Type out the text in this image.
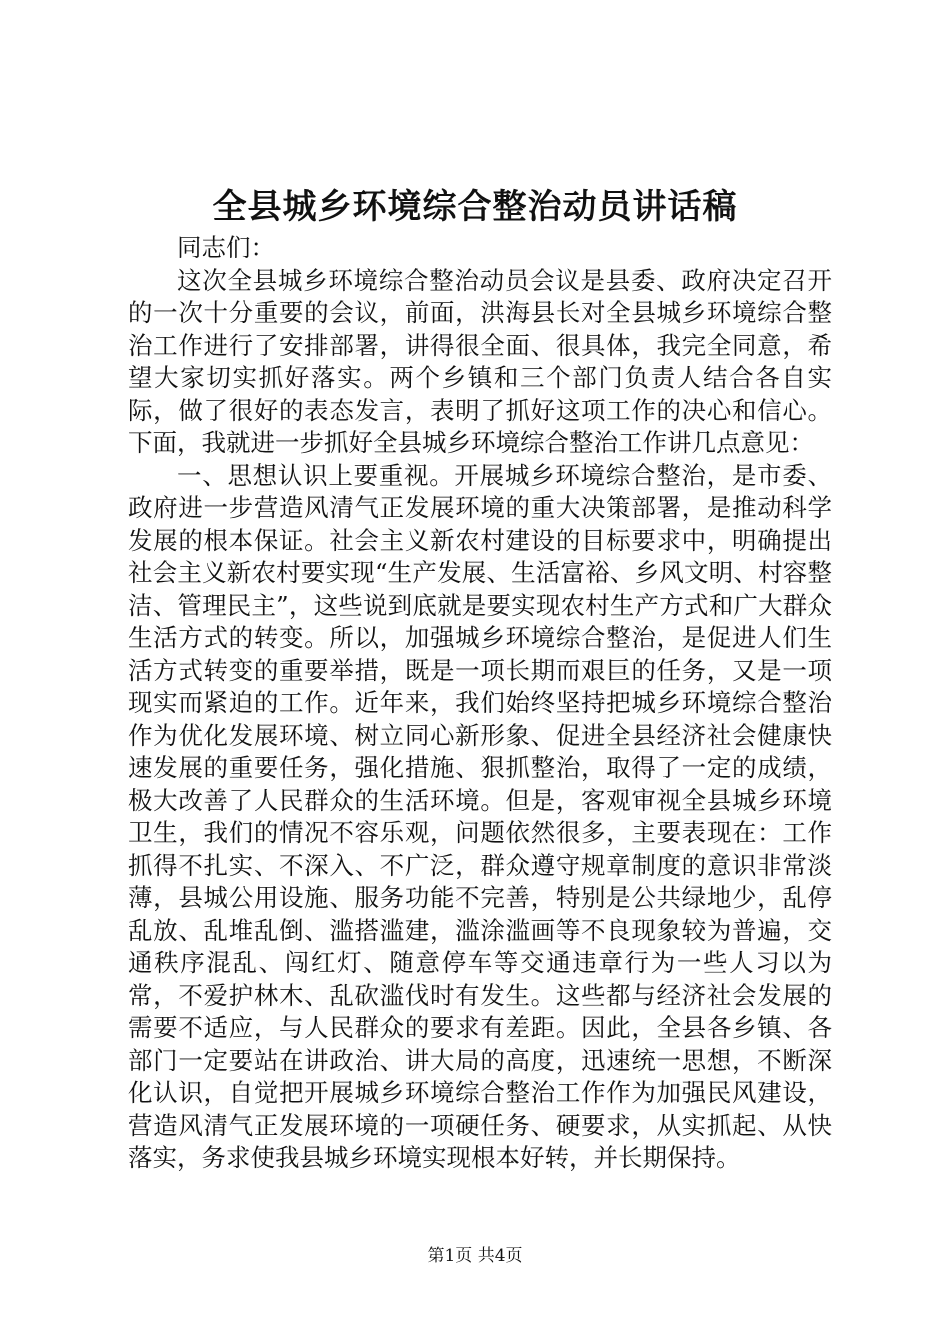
全县城乡环境综合整治动员讲话稿

同志们：

这次全县城乡环境综合整治动员会议是县委、政府决定召开的一次十分重要的会议，前面，洪海县长对全县城乡环境综合整治工作进行了安排部署，讲得很全面、很具体，我完全同意，希望大家切实抓好落实。两个乡镇和三个部门负责人结合各自实际，做了很好的表态发言，表明了抓好这项工作的决心和信心。下面，我就进一步抓好全县城乡环境综合整治工作讲几点意见：

一、思想认识上要重视。开展城乡环境综合整治，是市委、政府进一步营造风清气正发展环境的重大决策部署，是推动科学发展的根本保证。社会主义新农村建设的目标要求中，明确提出社会主义新农村要实现“生产发展、生活富裕、乡风文明、村容整洁、管理民主”，这些说到底就是要实现农村生产方式和广大群众生活方式的转变。所以，加强城乡环境综合整治，是促进人们生活方式转变的重要举措，既是一项长期而艰巨的任务，又是一项现实而紧迫的工作。近年来，我们始终坚持把城乡环境综合整治作为优化发展环境、树立同心新形象、促进全县经济社会健康快速发展的重要任务，强化措施、狠抓整治，取得了一定的成绩，极大改善了人民群众的生活环境。但是，客观审视全县城乡环境卫生，我们的情况不容乐观，问题依然很多，主要表现在：工作抓得不扎实、不深入、不广泛，群众遵守规章制度的意识非常淡薄，县城公用设施、服务功能不完善，特别是公共绿地少，乱停乱放、乱堆乱倒、滥搭滥建，滥涂滥画等不良现象较为普遍，交通秩序混乱、闯红灯、随意停车等交通违章行为一些人习以为常，不爱护林木、乱砍滥伐时有发生。这些都与经济社会发展的需要不适应，与人民群众的要求有差距。因此，全县各乡镇、各部门一定要站在讲政治、讲大局的高度，迅速统一思想，不断深化认识，自觉把开展城乡环境综合整治工作作为加强民风建设，营造风清气正发展环境的一项硬任务、硬要求，从实抓起、从快落实，务求使我县城乡环境实现根本好转，并长期保持。

第1页 共4页
